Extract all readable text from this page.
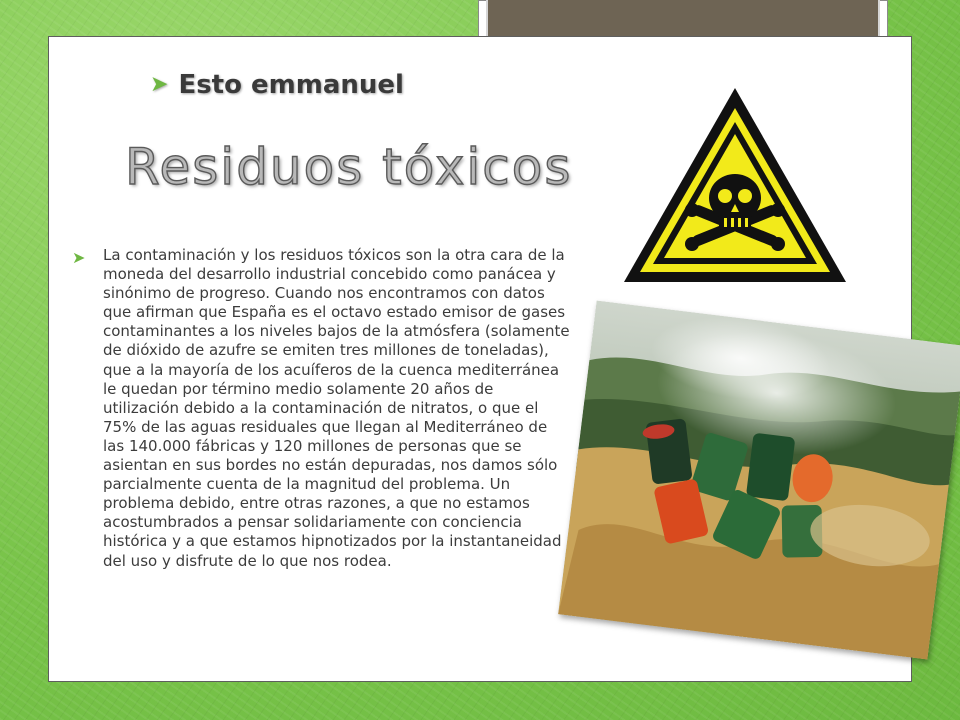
➤ Esto emmanuel
Residuos tóxicos
➤ La contaminación y los residuos tóxicos son la otra cara de la moneda del desarrollo industrial concebido como panácea y sinónimo de progreso. Cuando nos encontramos con datos que afirman que España es el octavo estado emisor de gases contaminantes a los niveles bajos de la atmósfera (solamente de dióxido de azufre se emiten tres millones de toneladas), que a la mayoría de los acuíferos de la cuenca mediterránea le quedan por término medio solamente 20 años de utilización debido a la contaminación de nitratos, o que el 75% de las aguas residuales que llegan al Mediterráneo de las 140.000 fábricas y 120 millones de personas que se asientan en sus bordes no están depuradas, nos damos sólo parcialmente cuenta de la magnitud del problema. Un problema debido, entre otras razones, a que no estamos acostumbrados a pensar solidariamente con conciencia histórica y a que estamos hipnotizados por la instantaneidad del uso y disfrute de lo que nos rodea.
